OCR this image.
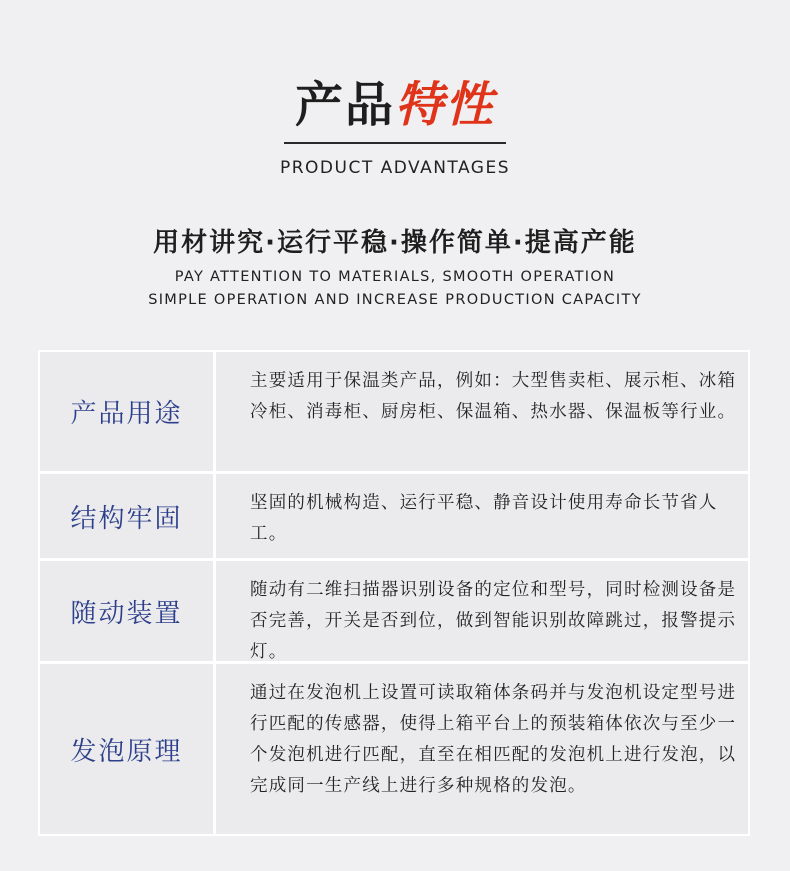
产品特性
PRODUCT ADVANTAGES
用材讲究·运行平稳·操作简单·提高产能
PAY ATTENTION TO MATERIALS, SMOOTH OPERATION
SIMPLE OPERATION AND INCREASE PRODUCTION CAPACITY
产品用途
主要适用于保温类产品，例如：大型售卖柜、展示柜、冰箱冷柜、消毒柜、厨房柜、保温箱、热水器、保温板等行业。
结构牢固
坚固的机械构造、运行平稳、静音设计使用寿命长节省人工。
随动装置
随动有二维扫描器识别设备的定位和型号，同时检测设备是否完善，开关是否到位，做到智能识别故障跳过，报警提示灯。
发泡原理
通过在发泡机上设置可读取箱体条码并与发泡机设定型号进行匹配的传感器，使得上箱平台上的预装箱体依次与至少一个发泡机进行匹配，直至在相匹配的发泡机上进行发泡，以完成同一生产线上进行多种规格的发泡。
